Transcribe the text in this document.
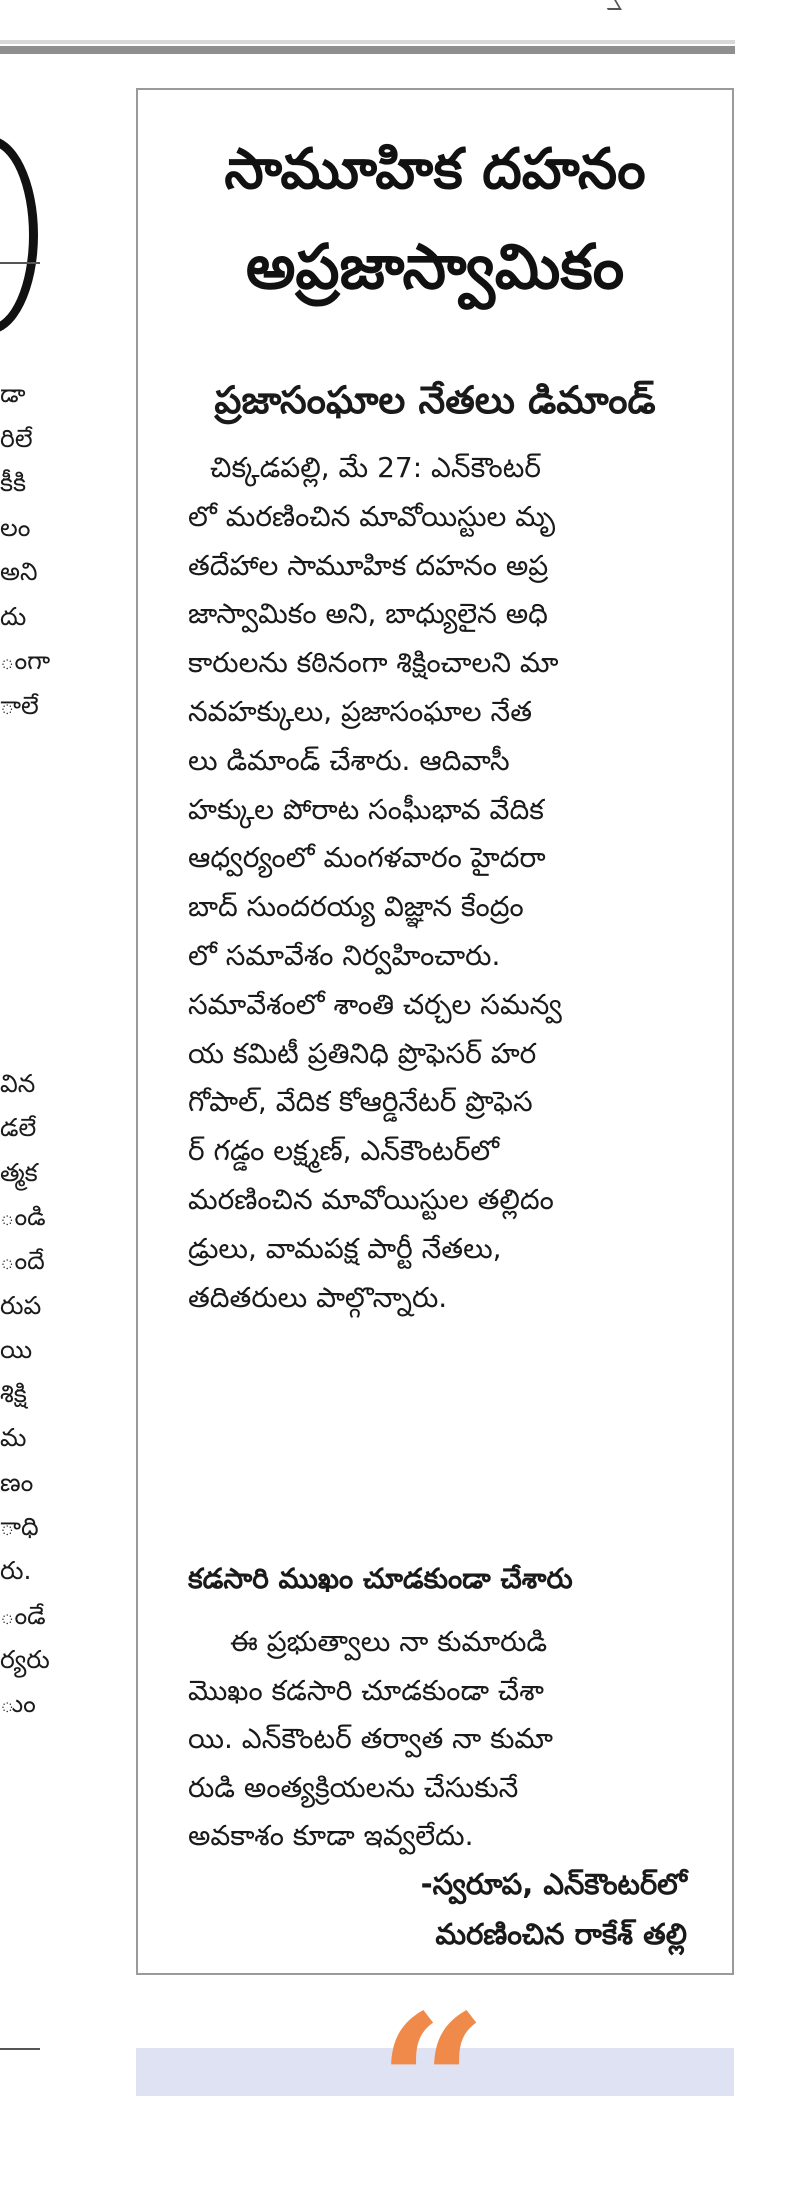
డా
రిలే
కీకి
లం
అని
దు
ంగా
ాలే
విన
డలే
త్మక
ండి
ందే
రుప
యి
శిక్షి
మ
ణం
ాధి
రు.
ండే
ర్యరు
ుం
సామూహిక దహనం
అప్రజాస్వామికం
ప్రజాసంఘాల నేతలు డిమాండ్
చిక్కడపల్లి, మే 27: ఎన్‌కౌంటర్
లో మరణించిన మావోయిస్టుల మృ
తదేహాల సామూహిక దహనం అప్ర
జాస్వామికం అని, బాధ్యులైన అధి
కారులను కఠినంగా శిక్షించాలని మా
నవహక్కులు, ప్రజాసంఘాల నేత
లు డిమాండ్ చేశారు. ఆదివాసీ
హక్కుల పోరాట సంఘీభావ వేదిక
ఆధ్వర్యంలో మంగళవారం హైదరా
బాద్ సుందరయ్య విజ్ఞాన కేంద్రం
లో సమావేశం నిర్వహించారు.
సమావేశంలో శాంతి చర్చల సమన్వ
య కమిటీ ప్రతినిధి ప్రొఫెసర్ హర
గోపాల్, వేదిక కోఆర్డినేటర్ ప్రొఫెస
ర్ గడ్డం లక్ష్మణ్, ఎన్‌కౌంటర్‌లో
మరణించిన మావోయిస్టుల తల్లిదం
డ్రులు, వామపక్ష పార్టీ నేతలు,
తదితరులు పాల్గొన్నారు.
కడసారి ముఖం చూడకుండా చేశారు
ఈ ప్రభుత్వాలు నా కుమారుడి
మొఖం కడసారి చూడకుండా చేశా
యి. ఎన్‌కౌంటర్ తర్వాత నా కుమా
రుడి అంత్యక్రియలను చేసుకునే
అవకాశం కూడా ఇవ్వలేదు.
-స్వరూప, ఎన్‌కౌంటర్‌లో
మరణించిన రాకేశ్ తల్లి
“
